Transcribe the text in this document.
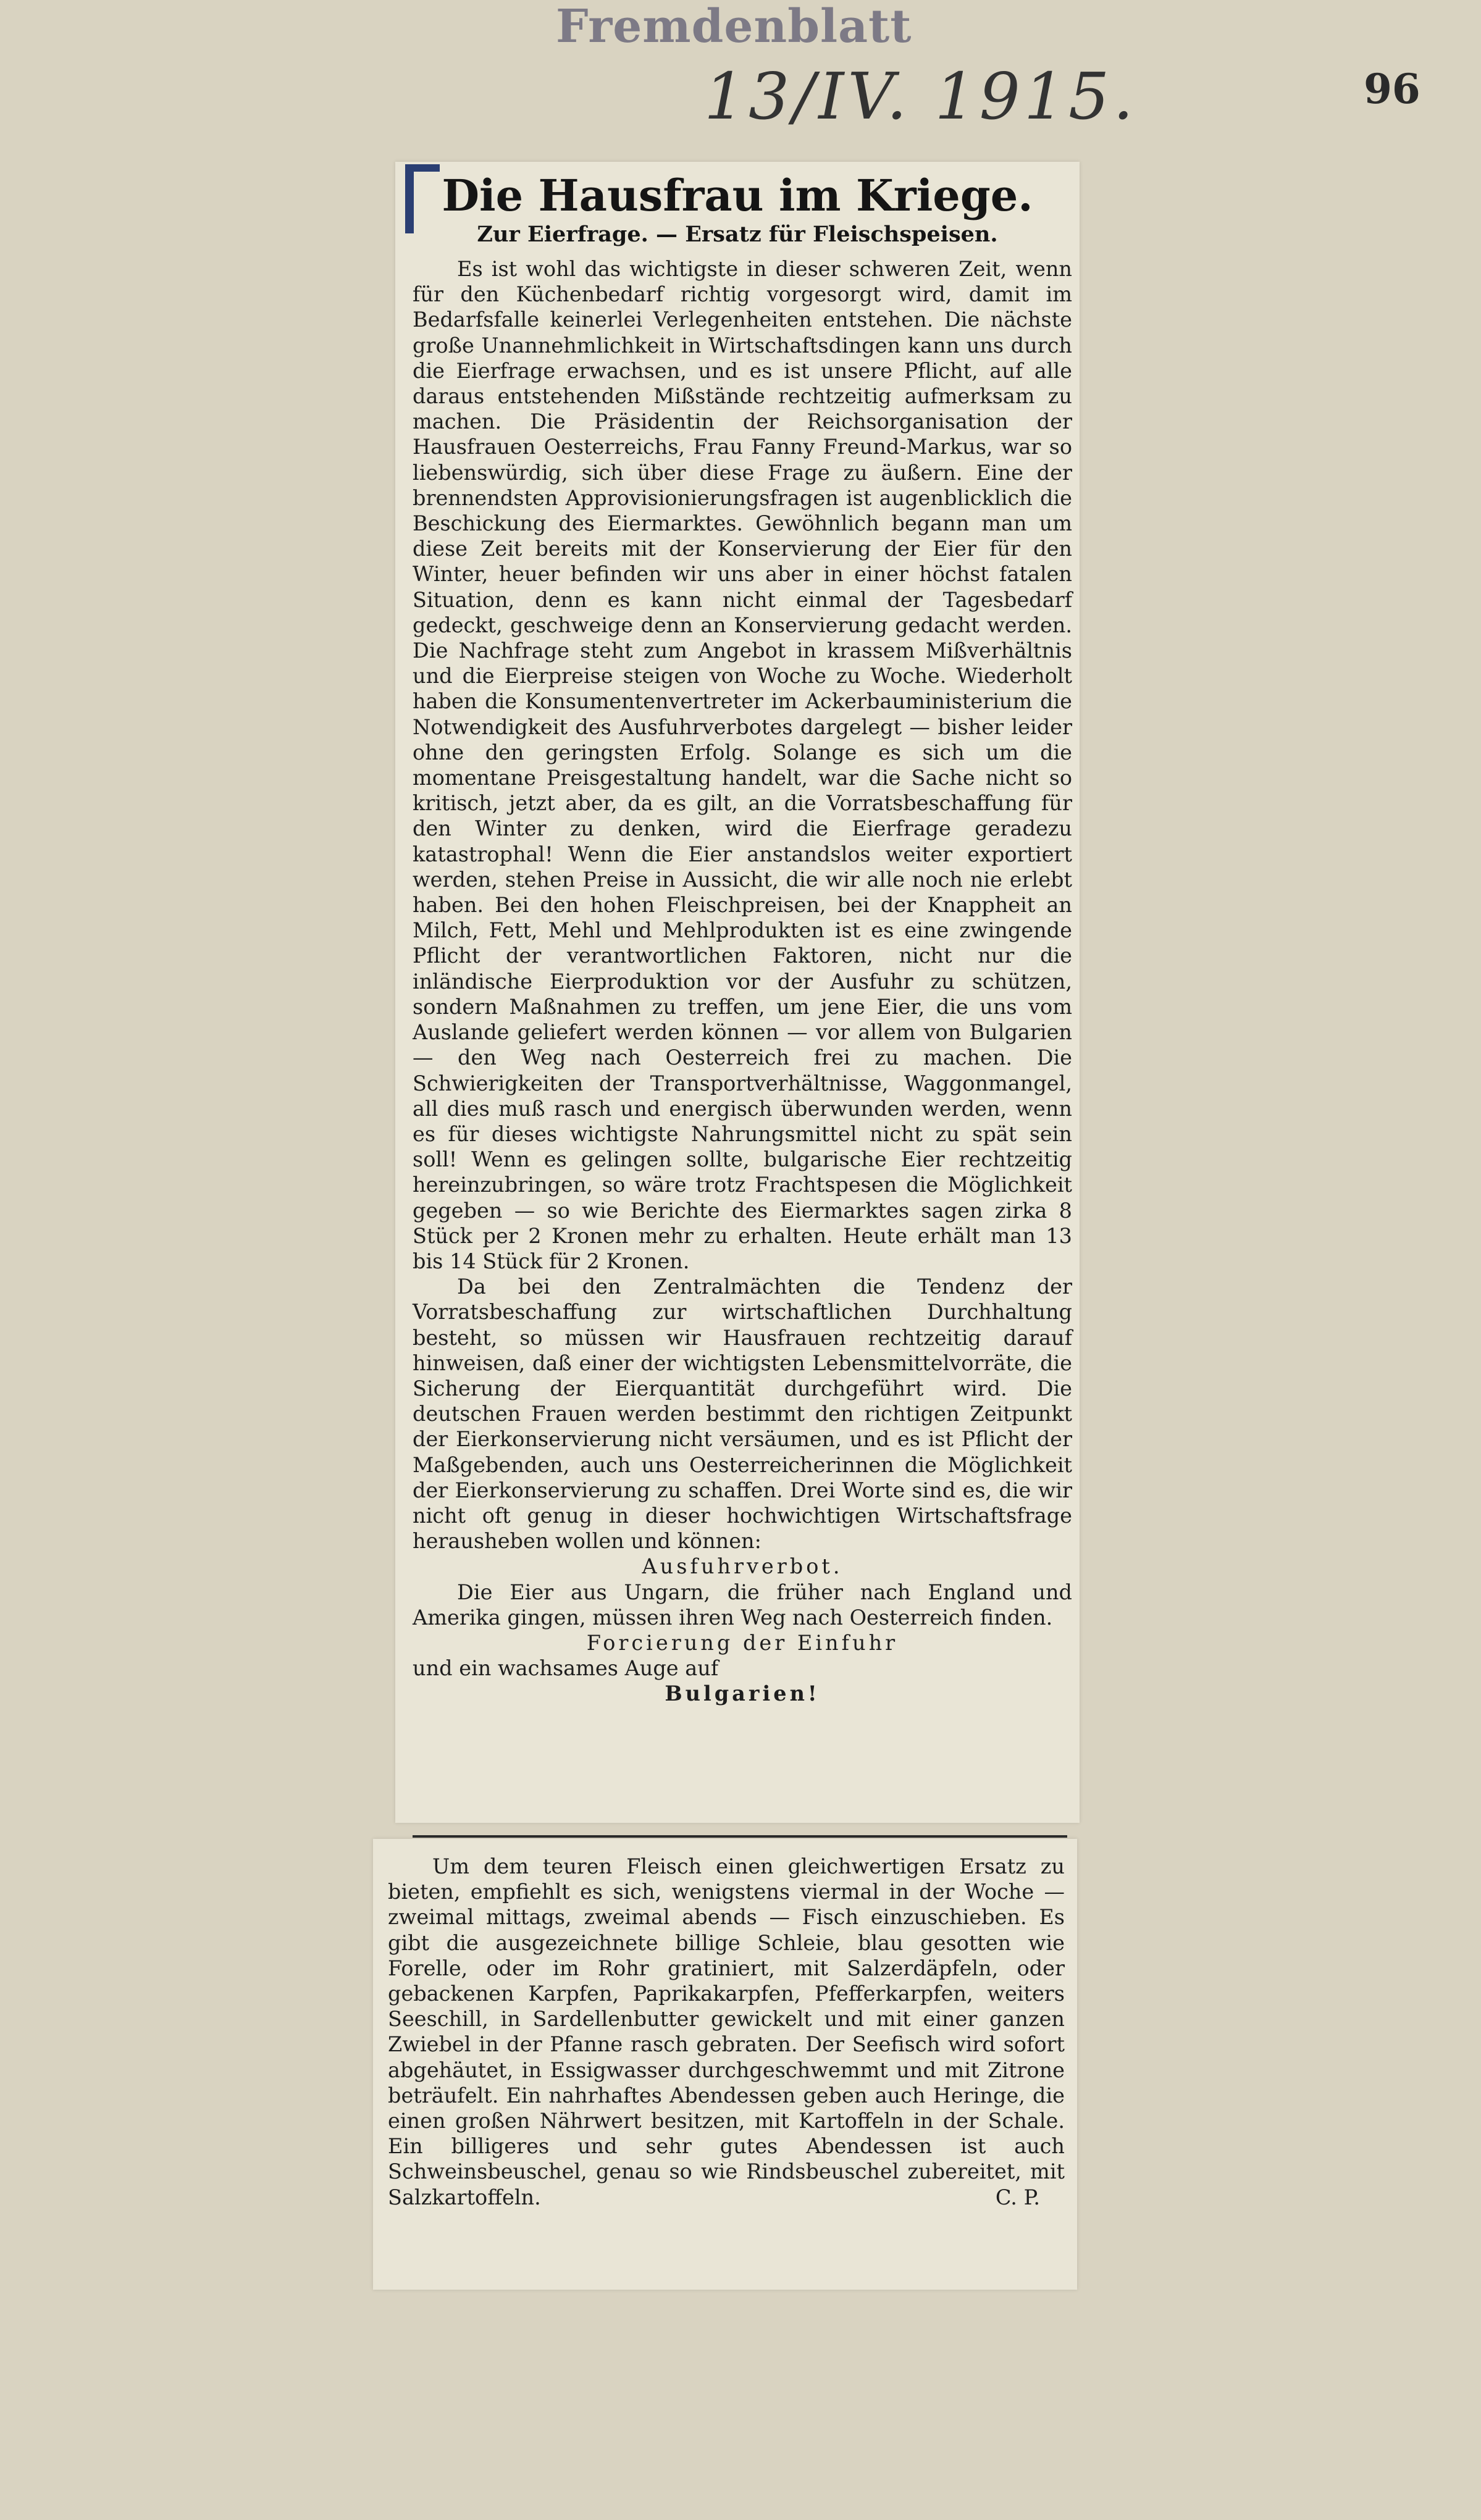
Fremdenblatt
13/IV. 1915.	96
Die Hausfrau im Kriege.
Zur Eierfrage. — Ersatz für Fleischspeisen.

Es ist wohl das wichtigste in dieser schweren Zeit, wenn für den Küchenbedarf richtig vorgesorgt wird, damit im Bedarfsfalle keinerlei Verlegenheiten entstehen. Die nächste große Unannehmlichkeit in Wirtschaftsdingen kann uns durch die Eierfrage erwachsen, und es ist unsere Pflicht, auf alle daraus entstehenden Mißstände rechtzeitig aufmerksam zu machen. Die Präsidentin der Reichsorganisation der Hausfrauen Oesterreichs, Frau Fanny Freund-Markus, war so liebenswürdig, sich über diese Frage zu äußern. Eine der brennendsten Approvisionierungsfragen ist augenblicklich die Beschickung des Eiermarktes. Gewöhnlich begann man um diese Zeit bereits mit der Konservierung der Eier für den Winter, heuer befinden wir uns aber in einer höchst fatalen Situation, denn es kann nicht einmal der Tagesbedarf gedeckt, geschweige denn an Konservierung gedacht werden. Die Nachfrage steht zum Angebot in krassem Mißverhältnis und die Eierpreise steigen von Woche zu Woche. Wiederholt haben die Konsumentenvertreter im Ackerbauministerium die Notwendigkeit des Ausfuhrverbotes dargelegt — bisher leider ohne den geringsten Erfolg. Solange es sich um die momentane Preisgestaltung handelt, war die Sache nicht so kritisch, jetzt aber, da es gilt, an die Vorratsbeschaffung für den Winter zu denken, wird die Eierfrage geradezu katastrophal! Wenn die Eier anstandslos weiter exportiert werden, stehen Preise in Aussicht, die wir alle noch nie erlebt haben. Bei den hohen Fleischpreisen, bei der Knappheit an Milch, Fett, Mehl und Mehlprodukten ist es eine zwingende Pflicht der verantwortlichen Faktoren, nicht nur die inländische Eierproduktion vor der Ausfuhr zu schützen, sondern Maßnahmen zu treffen, um jene Eier, die uns vom Auslande geliefert werden können — vor allem von Bulgarien — den Weg nach Oesterreich frei zu machen. Die Schwierigkeiten der Transportverhältnisse, Waggonmangel, all dies muß rasch und energisch überwunden werden, wenn es für dieses wichtigste Nahrungsmittel nicht zu spät sein soll! Wenn es gelingen sollte, bulgarische Eier rechtzeitig hereinzubringen, so wäre trotz Frachtspesen die Möglichkeit gegeben — so wie Berichte des Eiermarktes sagen zirka 8 Stück per 2 Kronen mehr zu erhalten. Heute erhält man 13 bis 14 Stück für 2 Kronen.

Da bei den Zentralmächten die Tendenz der Vorratsbeschaffung zur wirtschaftlichen Durchhaltung besteht, so müssen wir Hausfrauen rechtzeitig darauf hinweisen, daß einer der wichtigsten Lebensmittelvorräte, die Sicherung der Eierquantität durchgeführt wird. Die deutschen Frauen werden bestimmt den richtigen Zeitpunkt der Eierkonservierung nicht versäumen, und es ist Pflicht der Maßgebenden, auch uns Oesterreicherinnen die Möglichkeit der Eierkonservierung zu schaffen. Drei Worte sind es, die wir nicht oft genug in dieser hochwichtigen Wirtschaftsfrage herausheben wollen und können:

Ausfuhrverbot.

Die Eier aus Ungarn, die früher nach England und Amerika gingen, müssen ihren Weg nach Oesterreich finden.

Forcierung der Einfuhr

und ein wachsames Auge auf

Bulgarien!

Um dem teuren Fleisch einen gleichwertigen Ersatz zu bieten, empfiehlt es sich, wenigstens viermal in der Woche — zweimal mittags, zweimal abends — Fisch einzuschieben. Es gibt die ausgezeichnete billige Schleie, blau gesotten wie Forelle, oder im Rohr gratiniert, mit Salzerdäpfeln, oder gebackenen Karpfen, Paprikakarpfen, Pfefferkarpfen, weiters Seeschill, in Sardellenbutter gewickelt und mit einer ganzen Zwiebel in der Pfanne rasch gebraten. Der Seefisch wird sofort abgehäutet, in Essigwasser durchgeschwemmt und mit Zitrone beträufelt. Ein nahrhaftes Abendessen geben auch Heringe, die einen großen Nährwert besitzen, mit Kartoffeln in der Schale. Ein billigeres und sehr gutes Abendessen ist auch Schweinsbeuschel, genau so wie Rindsbeuschel zubereitet, mit Salzkartoffeln.	C. P.
